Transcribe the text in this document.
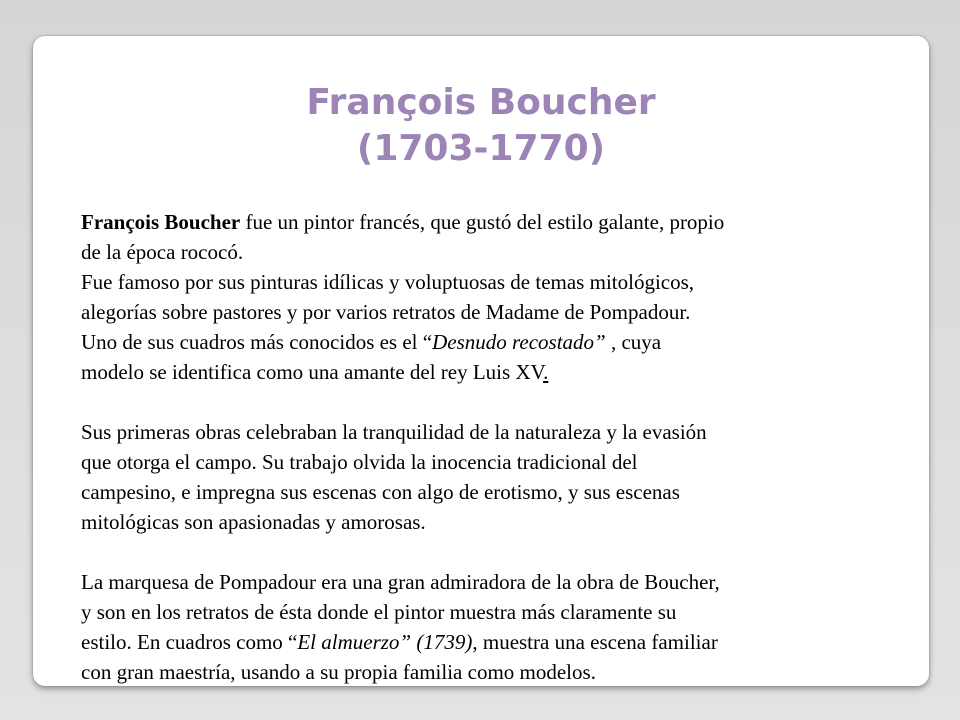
François Boucher
(1703-1770)
François Boucher fue un pintor francés, que gustó del estilo galante, propio
de la época rococó.
Fue famoso por sus pinturas idílicas y voluptuosas de temas mitológicos,
alegorías sobre pastores y por varios retratos de Madame de Pompadour.
Uno de sus cuadros más conocidos es el “Desnudo recostado” , cuya
modelo se identifica como una amante del rey Luis XV.
Sus primeras obras celebraban la tranquilidad de la naturaleza y la evasión
que otorga el campo. Su trabajo olvida la inocencia tradicional del
campesino, e impregna sus escenas con algo de erotismo, y sus escenas
mitológicas son apasionadas y amorosas.
La marquesa de Pompadour era una gran admiradora de la obra de Boucher,
y son en los retratos de ésta donde el pintor muestra más claramente su
estilo. En cuadros como “El almuerzo” (1739), muestra una escena familiar
con gran maestría, usando a su propia familia como modelos.
